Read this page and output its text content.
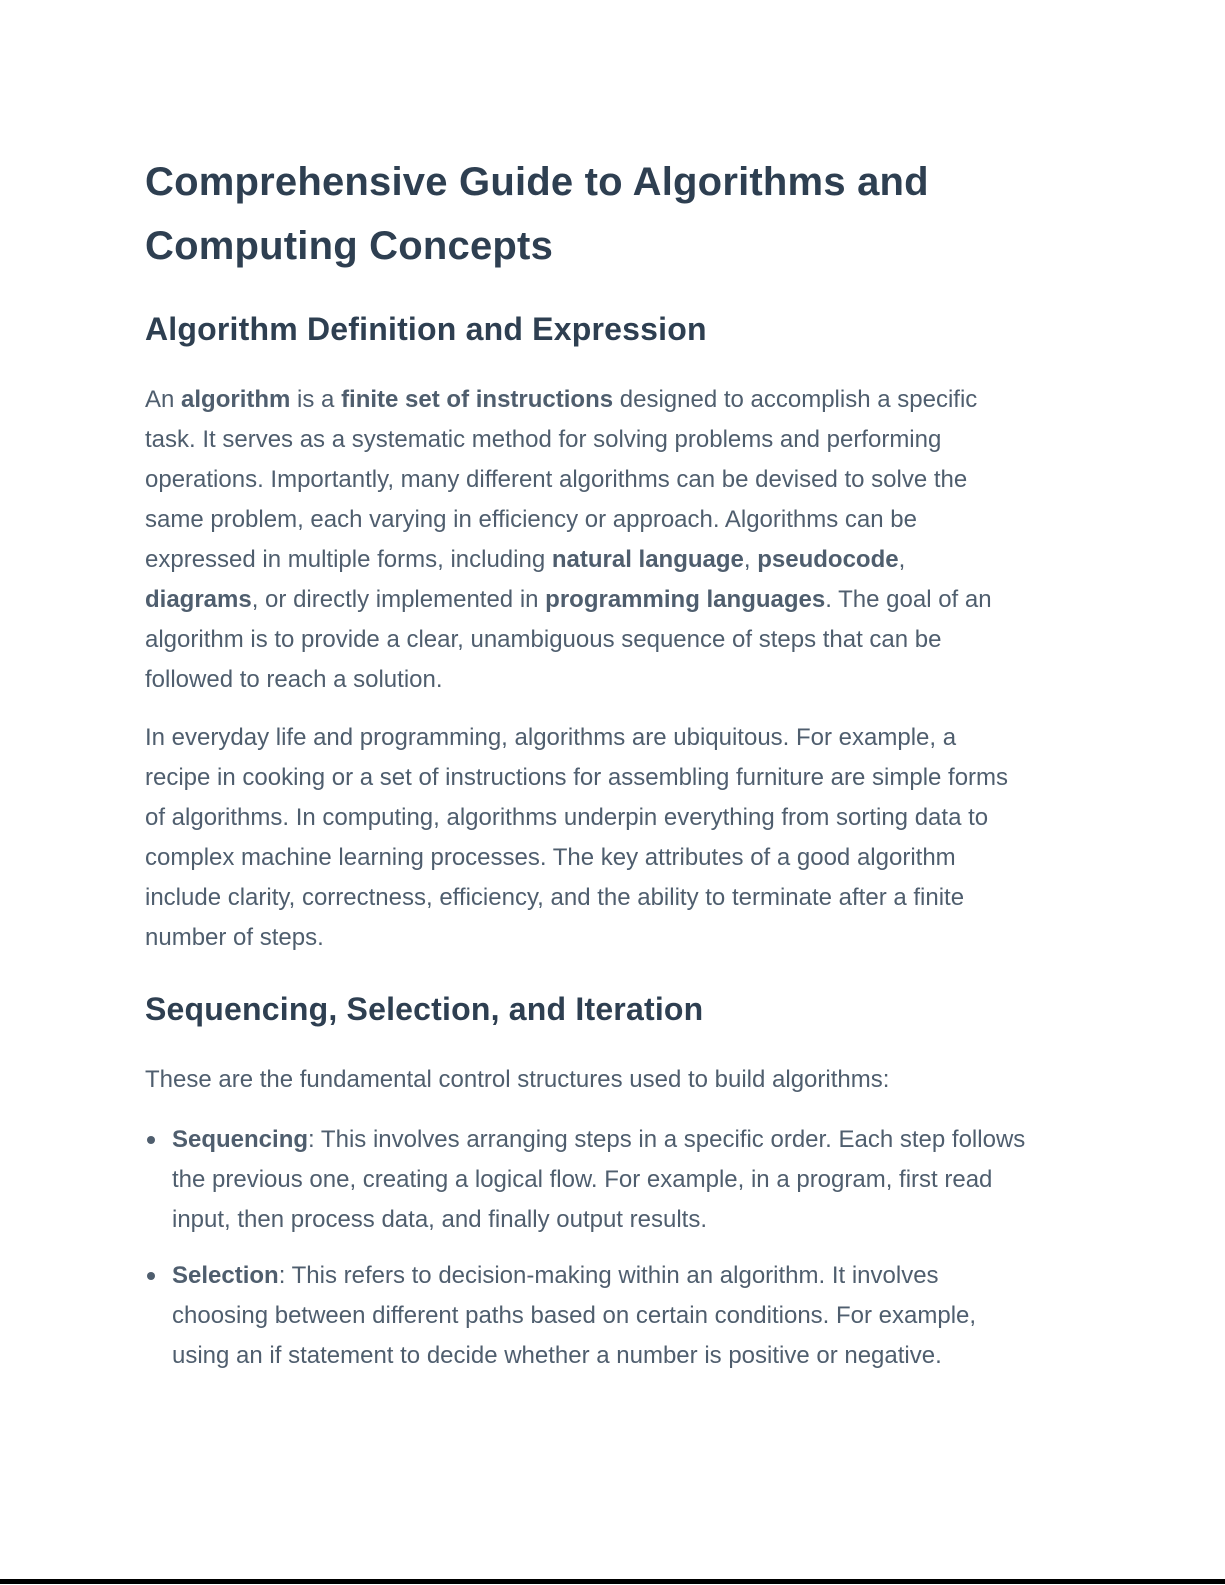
Comprehensive Guide to Algorithms and Computing Concepts
Algorithm Definition and Expression

An algorithm is a finite set of instructions designed to accomplish a specific task. It serves as a systematic method for solving problems and performing operations. Importantly, many different algorithms can be devised to solve the same problem, each varying in efficiency or approach. Algorithms can be expressed in multiple forms, including natural language, pseudocode, diagrams, or directly implemented in programming languages. The goal of an algorithm is to provide a clear, unambiguous sequence of steps that can be followed to reach a solution.

In everyday life and programming, algorithms are ubiquitous. For example, a recipe in cooking or a set of instructions for assembling furniture are simple forms of algorithms. In computing, algorithms underpin everything from sorting data to complex machine learning processes. The key attributes of a good algorithm include clarity, correctness, efficiency, and the ability to terminate after a finite number of steps.

Sequencing, Selection, and Iteration

These are the fundamental control structures used to build algorithms:

Sequencing: This involves arranging steps in a specific order. Each step follows the previous one, creating a logical flow. For example, in a program, first read input, then process data, and finally output results.
Selection: This refers to decision-making within an algorithm. It involves choosing between different paths based on certain conditions. For example, using an if statement to decide whether a number is positive or negative.
